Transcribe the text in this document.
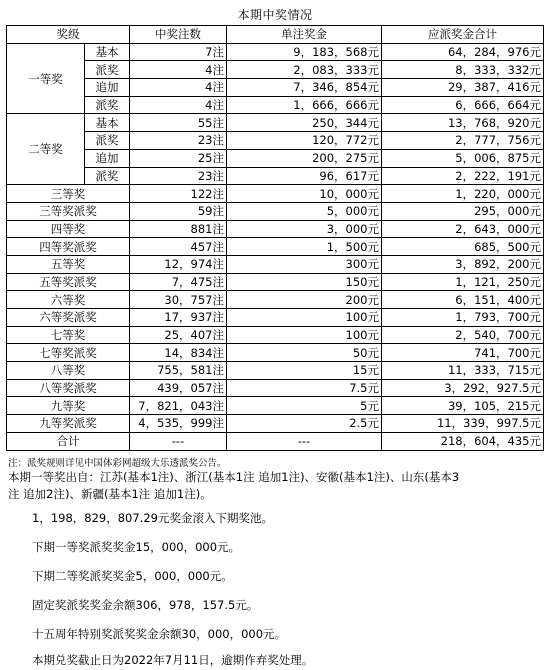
本期中奖情况
奖级		中奖注数	单注奖金	应派奖金合计
一等奖	基本	7注	9，183，568元	64，284，976元
	派奖	4注	2，083，333元	8，333，332元
	追加	4注	7，346，854元	29，387，416元
	派奖	4注	1，666，666元	6，666，664元
二等奖	基本	55注	250，344元	13，768，920元
	派奖	23注	120，772元	2，777，756元
	追加	25注	200，275元	5，006，875元
	派奖	23注	96，617元	2，222，191元
三等奖		122注	10，000元	1，220，000元
三等奖派奖		59注	5，000元	295，000元
四等奖		881注	3，000元	2，643，000元
四等奖派奖		457注	1，500元	685，500元
五等奖		12，974注	300元	3，892，200元
五等奖派奖		7，475注	150元	1，121，250元
六等奖		30，757注	200元	6，151，400元
六等奖派奖		17，937注	100元	1，793，700元
七等奖		25，407注	100元	2，540，700元
七等奖派奖		14，834注	50元	741，700元
八等奖		755，581注	15元	11，333，715元
八等奖派奖		439，057注	7.5元	3，292，927.5元
九等奖		7，821，043注	5元	39，105，215元
九等奖派奖		4，535，999注	2.5元	11，339，997.5元
合计		---	---	218，604，435元
注：派奖规则详见中国体彩网超级大乐透派奖公告。
本期一等奖出自：江苏(基本1注)、浙江(基本1注 追加1注)、安徽(基本1注)、山东(基本3
注 追加2注)、新疆(基本1注 追加1注)。
1，198，829，807.29元奖金滚入下期奖池。
下期一等奖派奖奖金15，000，000元。
下期二等奖派奖奖金5，000，000元。
固定奖派奖奖金余额306，978，157.5元。
十五周年特别奖派奖奖金余额30，000，000元。
本期兑奖截止日为2022年7月11日，逾期作弃奖处理。
